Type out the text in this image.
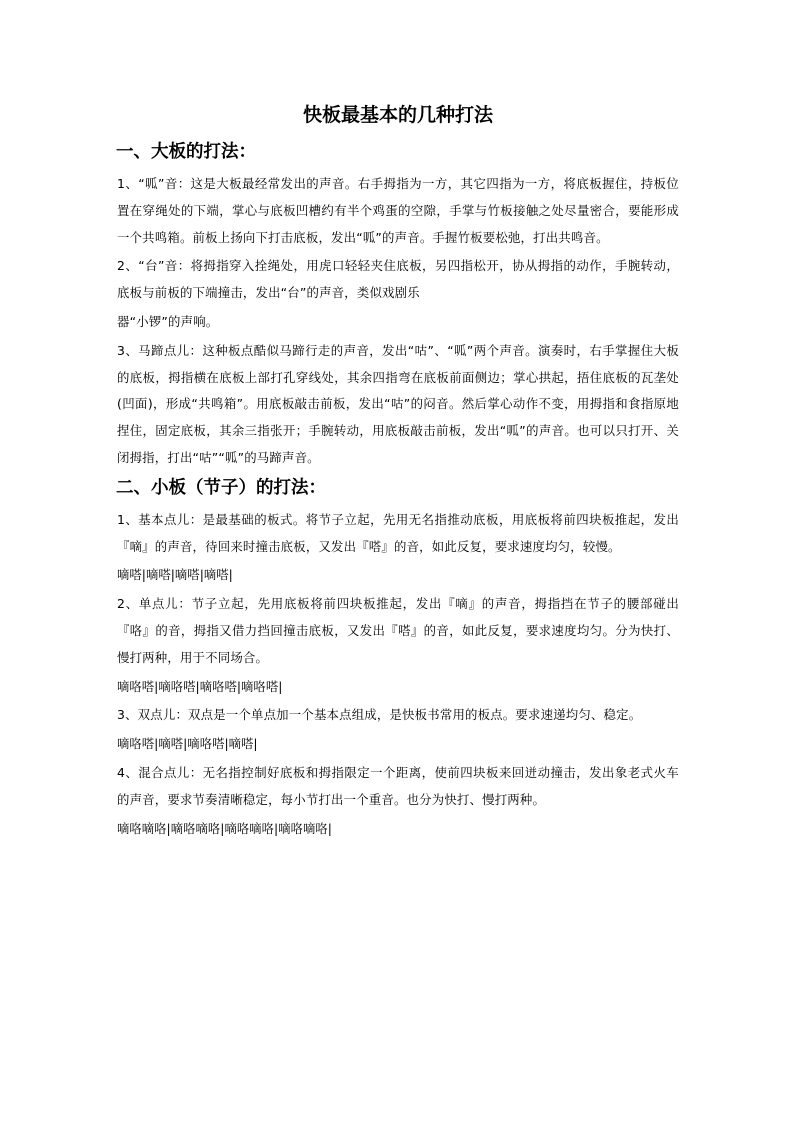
快板最基本的几种打法
一、大板的打法：
1、“呱”音：这是大板最经常发出的声音。右手拇指为一方，其它四指为一方，将底板握住，持板位置在穿绳处的下端，掌心与底板凹槽约有半个鸡蛋的空隙，手掌与竹板接触之处尽量密合，要能形成一个共鸣箱。前板上扬向下打击底板，发出“呱”的声音。手握竹板要松弛，打出共鸣音。
2、“台”音：将拇指穿入拴绳处，用虎口轻轻夹住底板，另四指松开，协从拇指的动作，手腕转动，底板与前板的下端撞击，发出“台”的声音，类似戏剧乐
器“小锣”的声响。
3、马蹄点儿：这种板点酷似马蹄行走的声音，发出“咕”、“呱”两个声音。演奏时，右手掌握住大板的底板，拇指横在底板上部打孔穿线处，其余四指弯在底板前面侧边；掌心拱起，捂住底板的瓦垄处(凹面)，形成“共鸣箱”。用底板敲击前板，发出“咕”的闷音。然后掌心动作不变，用拇指和食指原地捏住，固定底板，其余三指张开；手腕转动，用底板敲击前板，发出“呱”的声音。也可以只打开、关闭拇指，打出“咕”“呱”的马蹄声音。
二、小板（节子）的打法：
1、基本点儿：是最基础的板式。将节子立起，先用无名指推动底板，用底板将前四块板推起，发出『嘀』的声音，待回来时撞击底板，又发出『嗒』的音，如此反复，要求速度均匀，较慢。
嘀嗒|嘀嗒|嘀嗒|嘀嗒|
2、单点儿：节子立起，先用底板将前四块板推起，发出『嘀』的声音，拇指挡在节子的腰部碰出『咯』的音，拇指又借力挡回撞击底板，又发出『嗒』的音，如此反复，要求速度均匀。分为快打、慢打两种，用于不同场合。
嘀咯嗒|嘀咯嗒|嘀咯嗒|嘀咯嗒|
3、双点儿：双点是一个单点加一个基本点组成，是快板书常用的板点。要求速递均匀、稳定。
嘀咯嗒|嘀嗒|嘀咯嗒|嘀嗒|
4、混合点儿：无名指控制好底板和拇指限定一个距离，使前四块板来回迸动撞击，发出象老式火车的声音，要求节奏清晰稳定，每小节打出一个重音。也分为快打、慢打两种。
嘀咯嘀咯|嘀咯嘀咯|嘀咯嘀咯|嘀咯嘀咯|
